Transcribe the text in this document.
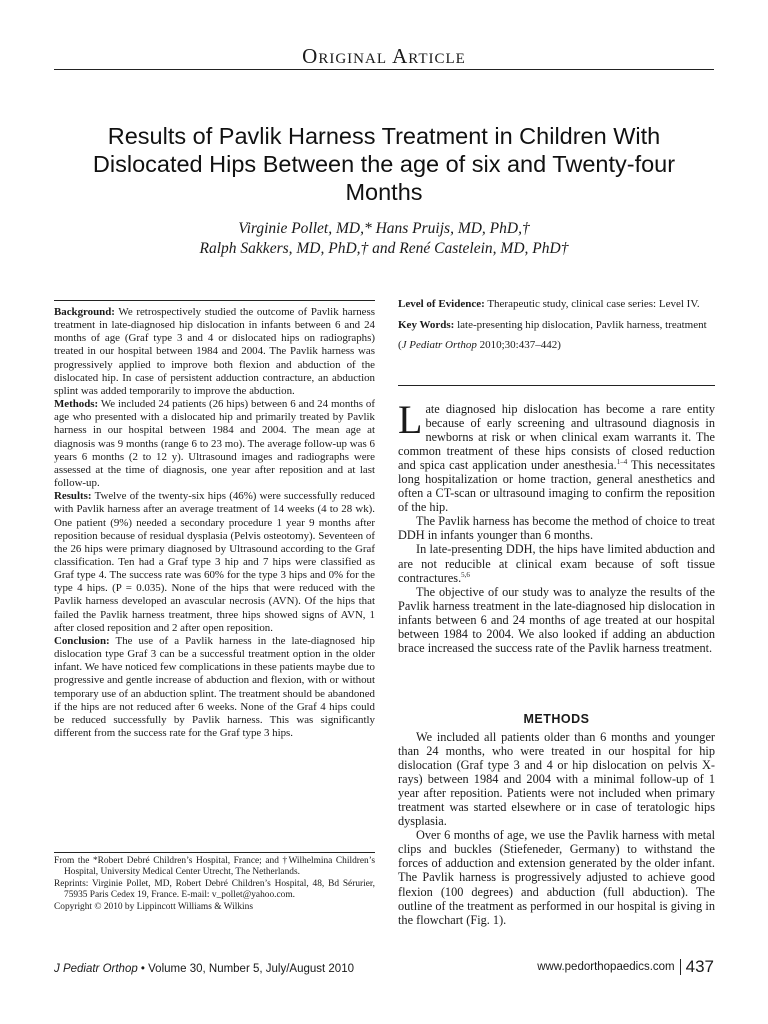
Original Article
Results of Pavlik Harness Treatment in Children With Dislocated Hips Between the age of six and Twenty-four Months
Virginie Pollet, MD,* Hans Pruijs, MD, PhD,†
Ralph Sakkers, MD, PhD,† and René Castelein, MD, PhD†

Background: We retrospectively studied the outcome of Pavlik harness treatment in late-diagnosed hip dislocation in infants between 6 and 24 months of age (Graf type 3 and 4 or dislocated hips on radiographs) treated in our hospital between 1984 and 2004. The Pavlik harness was progressively applied to improve both flexion and abduction of the dislocated hip. In case of persistent adduction contracture, an abduction splint was added temporarily to improve the abduction.

Methods: We included 24 patients (26 hips) between 6 and 24 months of age who presented with a dislocated hip and primarily treated by Pavlik harness in our hospital between 1984 and 2004. The mean age at diagnosis was 9 months (range 6 to 23 mo). The average follow-up was 6 years 6 months (2 to 12 y). Ultrasound images and radiographs were assessed at the time of diagnosis, one year after reposition and at last follow-up.

Results: Twelve of the twenty-six hips (46%) were successfully reduced with Pavlik harness after an average treatment of 14 weeks (4 to 28 wk). One patient (9%) needed a secondary procedure 1 year 9 months after reposition because of residual dysplasia (Pelvis osteotomy). Seventeen of the 26 hips were primary diagnosed by Ultrasound according to the Graf classification. Ten had a Graf type 3 hip and 7 hips were classified as Graf type 4. The success rate was 60% for the type 3 hips and 0% for the type 4 hips. (P = 0.035). None of the hips that were reduced with the Pavlik harness developed an avascular necrosis (AVN). Of the hips that failed the Pavlik harness treatment, three hips showed signs of AVN, 1 after closed reposition and 2 after open reposition.

Conclusion: The use of a Pavlik harness in the late-diagnosed hip dislocation type Graf 3 can be a successful treatment option in the older infant. We have noticed few complications in these patients maybe due to progressive and gentle increase of abduction and flexion, with or without temporary use of an abduction splint. The treatment should be abandoned if the hips are not reduced after 6 weeks. None of the Graf 4 hips could be reduced successfully by Pavlik harness. This was significantly different from the success rate for the Graf type 3 hips.

From the *Robert Debré Children’s Hospital, France; and †Wilhelmina Children’s Hospital, University Medical Center Utrecht, The Netherlands.

Reprints: Virginie Pollet, MD, Robert Debré Children’s Hospital, 48, Bd Sérurier, 75935 Paris Cedex 19, France. E-mail: v_pollet@yahoo.com.

Copyright © 2010 by Lippincott Williams & Wilkins

Level of Evidence: Therapeutic study, clinical case series: Level IV.

Key Words: late-presenting hip dislocation, Pavlik harness, treatment

(J Pediatr Orthop 2010;30:437–442)

Late diagnosed hip dislocation has become a rare entity because of early screening and ultrasound diagnosis in newborns at risk or when clinical exam warrants it. The common treatment of these hips consists of closed reduction and spica cast application under anesthesia.$^{1-4}$ This necessitates long hospitalization or home traction, general anesthetics and often a CT-scan or ultrasound imaging to confirm the reposition of the hip.

The Pavlik harness has become the method of choice to treat DDH in infants younger than 6 months.

In late-presenting DDH, the hips have limited abduction and are not reducible at clinical exam because of soft tissue contractures.$^{5,6}$

The objective of our study was to analyze the results of the Pavlik harness treatment in the late-diagnosed hip dislocation in infants between 6 and 24 months of age treated at our hospital between 1984 to 2004. We also looked if adding an abduction brace increased the success rate of the Pavlik harness treatment.

METHODS

We included all patients older than 6 months and younger than 24 months, who were treated in our hospital for hip dislocation (Graf type 3 and 4 or hip dislocation on pelvis X-rays) between 1984 and 2004 with a minimal follow-up of 1 year after reposition. Patients were not included when primary treatment was started elsewhere or in case of teratologic hips dysplasia.

Over 6 months of age, we use the Pavlik harness with metal clips and buckles (Stiefeneder, Germany) to withstand the forces of adduction and extension generated by the older infant. The Pavlik harness is progressively adjusted to achieve good flexion (100 degrees) and abduction (full abduction). The outline of the treatment as performed in our hospital is giving in the flowchart (Fig. 1).

J Pediatr Orthop • Volume 30, Number 5, July/August 2010	www.pedorthopaedics.com 437
